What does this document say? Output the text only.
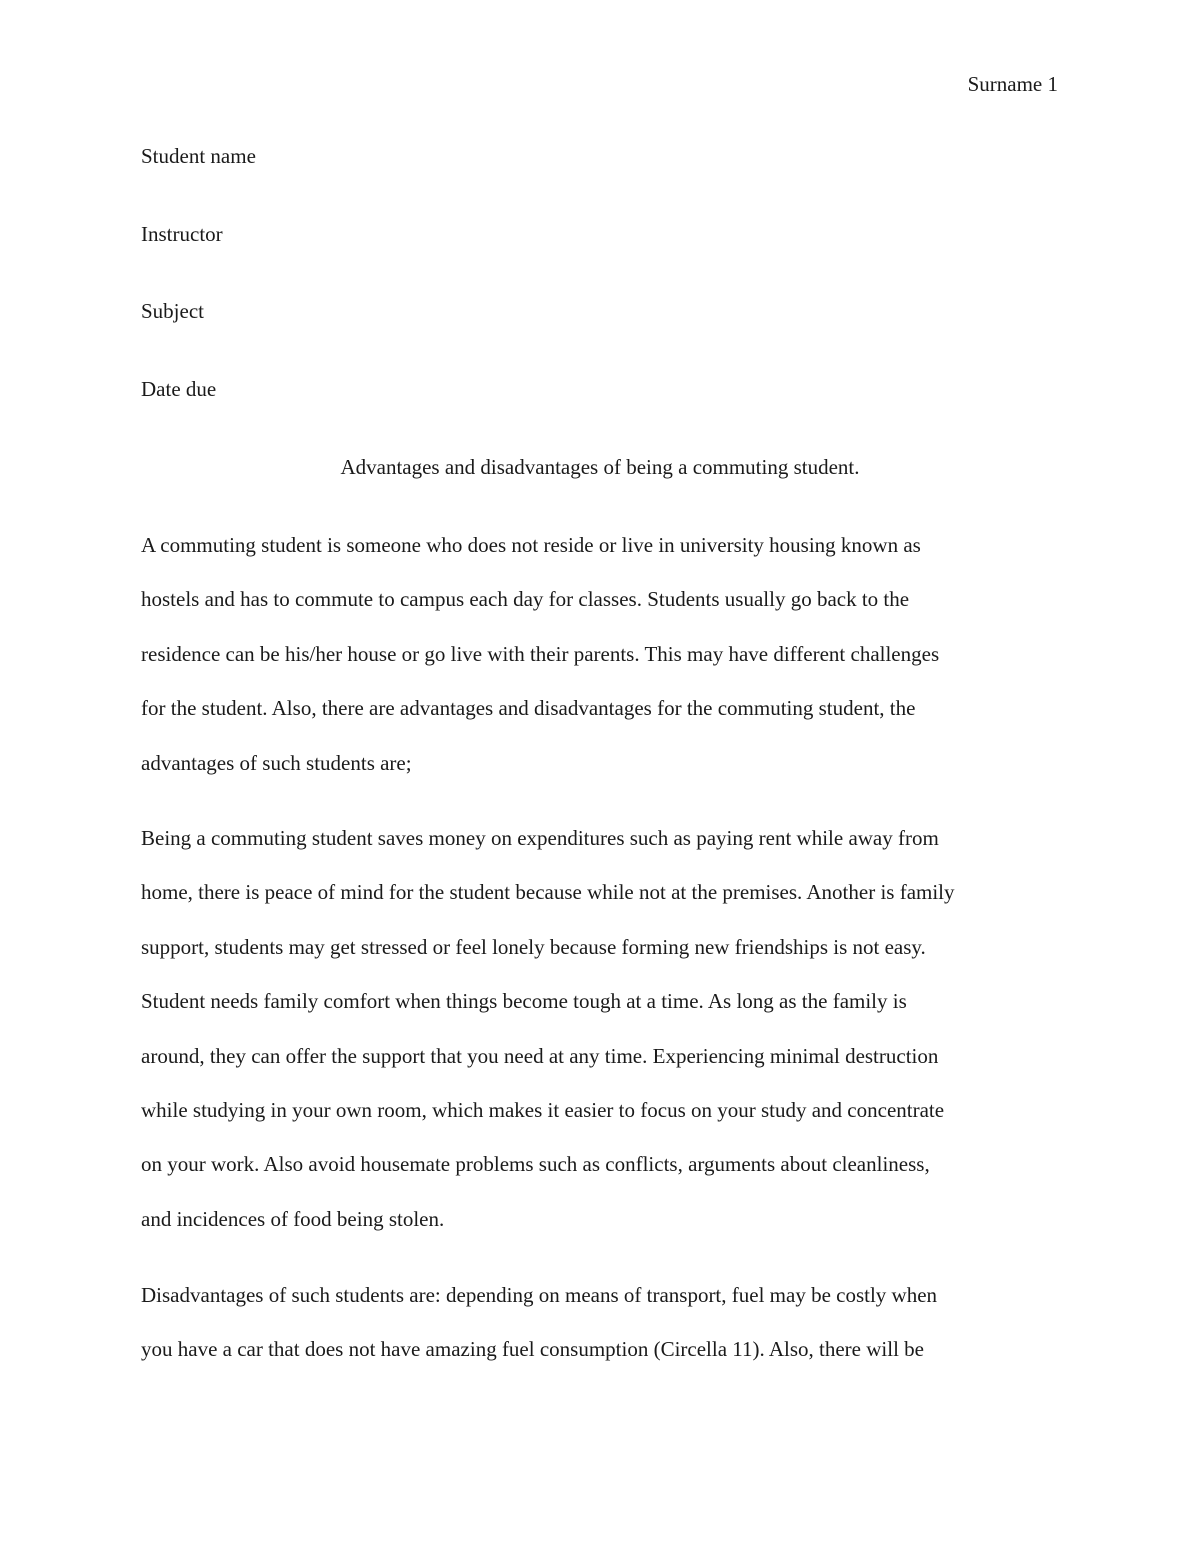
Surname 1
Student name
Instructor
Subject
Date due
Advantages and disadvantages of being a commuting student.
A commuting student is someone who does not reside or live in university housing known as
hostels and has to commute to campus each day for classes. Students usually go back to the
residence can be his/her house or go live with their parents. This may have different challenges
for the student. Also, there are advantages and disadvantages for the commuting student, the
advantages of such students are;
Being a commuting student saves money on expenditures such as paying rent while away from
home, there is peace of mind for the student because while not at the premises. Another is family
support, students may get stressed or feel lonely because forming new friendships is not easy.
Student needs family comfort when things become tough at a time. As long as the family is
around, they can offer the support that you need at any time. Experiencing minimal destruction
while studying in your own room, which makes it easier to focus on your study and concentrate
on your work. Also avoid housemate problems such as conflicts, arguments about cleanliness,
and incidences of food being stolen.
Disadvantages of such students are: depending on means of transport, fuel may be costly when
you have a car that does not have amazing fuel consumption (Circella 11). Also, there will be
